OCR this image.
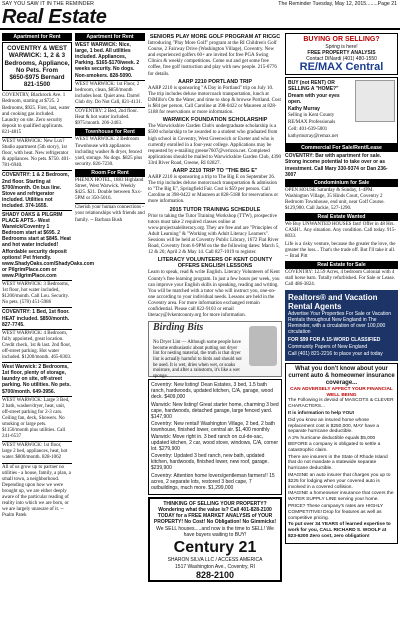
SAY YOU SAW IT IN THE REMINDER	The Reminder Tuesday, May 12, 2015........Page 21
Real Estate
Apartment for Rent
COVENTRY & WEST WARWICK: 1, 2 & 3 Bedrooms, Appliance, No Pets. From $650-$975 Bernard 821-1500

COVENTRY, Blackrock Ave. 1 Bedroom, starting at $725. 2 Bedrooms, $925. First, last, water and cooking gas included. Laundry on site. Zero security deposit to qualified applicants. 821-4815

WEST WARWICK: New Lux? Studio apartment (5th story), 1st floor, with heat. New refrigerator & appliances. No pets. $750. 401-781-6940.

COVENTRY: 1 & 2 Bedroom, 2nd floor. Starting at $700/month. On bus line. Stove and refrigerator included. Utilities not included. 374-1655.

SHADY OAKS & PILGRIM PLACE APTS.- West Warwick/Coventry 1 Bedroom start at $695. 2 Bedrooms start at $845. Heat and hot water included! Affordable security deposit options! Pet friendly. www.ShadyOaks.com/ShadyOaks.com or PilgrimPlace.com or www.PilgrimPlace.com

WEST WARWICK: 3 Bedrooms, 1st floor, hot water included, $1200/month. Call Lou. Security. No pets. (570) 451-5986

COVENTRY: 1 Bed, 1st floor. HEAT included. $850/month. 827-7745.

WEST WARWICK: 4 Bedroom, fully appointed, great location. Credit check, 1st & last. 2nd floor, off-street parking. Hot water included. $1200/month. 465-8303.

West Warwick: 2 Bedrooms, 1st floor, plenty of storage, laundry on site, off-street parking. No utilities. No pets. $700/month. 649-3956.

WEST WARWICK: Large 3 Bed, 2 bath, washer/dryer, heat, unit, off-street parking for 2-3 cars. Ceiling fan, deck, Showers. No smoking or large pets. $1150/month plus utilities. Call 241-6537

WEST WARWICK: 1st floor, large 2 bed, appliances, heat, hot water. $800/month. 828-1062

All of us grow up to partner no utilities - a house, family, a plan, a small town, a neighborhood. Depending upon how we were brought up, we are either deeply aware of the particular reading of reality into which we are born, or we are largely unaware of it. -- Psalm Patek

Apartment for Rent

WEST WARWICK: Nice, large, 1 bed. All utilities included. Appliances, Parking. $165-$170/week. 2 weeks security. No dogs. Non-smokers. 828-5090.

WEST WARWICK: 1st Floor, 2 bedroom, clean, $850/month includes heat. Quiet area. Darrel Club dry. Do Not Call, 821-4131.

COVENTRY: 2 Bed, 2nd floor. Heat & hot water included. $975/month. 206-2403.

Townhouse for Rent

WEST WARWICK: 2 Bedroom Townhouse with appliances including washer & dryer, fenced yard, storage. No dogs. $825 plus security. 826-7230.

Room For Rent

PHENIX HOTEL, 1883 Highland Street, West Warwick. Weekly $425. $21. Double between Xxx-5PM or 350-5016.

Cherish your human connections - your relationships with friends and family. -- Barbara Bush

SENIORS PLAY MORE GOLF PROGRAM AT RICGC

Introducing "Play More Golf" program at the RI Children's Golf Course, 2 Fairway Drive (Washington Village), Coventry. New and experienced golfers 60+ are invited for free PGA Swing Clinics & weekly competitions. Come out and get some free coffee, free golf instruction and play with new people. 215-0776 for details.

AARP 2210 PORTLAND TRIP

AARP 2210 is sponsoring "A Day in Portland" trip on July 10. The trip includes deluxe motorcoach transportation, lunch at DiMillo's On the Water, and time to shop & browse Portland. Cost is $84 per person. Call Caroline at 398-0422 or Maureen at 828-5188 for reservations or more information.

WARWICK FOUNDATION SCHOLARSHIP

The Warwickshire Garden Club's undergraduate scholarship is a $500 scholarship to be awarded to a student who graduated from high school in Coventry, West Greenwich or Exeter and who is currently enrolled in a four-year college. Applications may be requested by e-mailing greene7607@verizon.net. Completed applications should be mailed to Warwickshire Garden Club, 4390 33rd River Road, Greene, RI 02827.

AARP 2210 TRIP TO "THE BIG E"

AARP 2210 is sponsoring a trip to The Big E on September 26. The trip includes deluxe motorcoach transportation & admission to "The Big E", Springfield Fair. Cost is $59 per person. Call Caroline at 398-0422 or Maureen at 828-5188 for reservations or more information.

2015 TUTOR TRAINING SCHEDULE

Prior to taking the Tutor Training Workshop (TTW), prospective tutors must take 2 required classes online at www.projectsaleliteracy.org. They are free and are "Principles of Adult Learning" & "Working with Adult Literacy Learners". Sessions will be held at Coventry Public Library, 1672 Flat River Road, Coventry from 6-9PM on the the following dates: March 5, 12 & 26; April 2 & May 14. Call 827-1019 to register.

LITERACY VOLUNTEERS OF KENT COUNTY OFFERS ENGLISH LESSONS

Learn to speak, read & write English. Literacy Volunteers of Kent County's free learning program. In just a few hours per week, you can improve your English skills in speaking, reading and writing. You will be matched with a tutor who will instruct you, one-on-one according to your individual needs. Lessons are held in the Coventry area. For more information exchanged remain confidential. Please call 822-9103 or email literacy@lvkentcounty.org for more information.

Birding Bits
No Dryer Lint — Although some people have become enthusiastic about putting out dryer lint for nesting material, the truth is that dryer lint is actually harmful to birds and should not be used. It is wet, dries when wet, or soaks moisture, and after a rainstorm, it's like a wet sponge.

Coventry: New listing! Dean Estates, 3 bed, 1.5 bath ranch, hardwoods, updated kitchen, C/A, garage, wood deck. $409,000

Warwick: New listing! Great starter home, charming 3 bed cape, hardwoods, detached garage, large fenced yard. $147,900

Coventry: New rental! Washington Village, 2 bed, 2 bath townhouse, finished lower, central air. $1,400 monthly

Warwick: Move right in. 3 bed ranch on cul-de-sac, updated kitchen, 2 car, wood stove, windows, C/A, corner lot. $279,900

Coventry: Updated 3 bed ranch, new bath, updated kitchen, hardwoods, finished lower, new roof, garage. $239,900

Coventry: Attention home lovers/gentleman farmers!! 15 acres, 2 separate lots, restored 3 bed cape, 7 outbuildings, much more. $1,299,000

THINKING OF SELLING YOUR PROPERTY? Wondering what the value is? Call 401-828-2100 TODAY for a FREE MARKET ANALYSIS of YOUR PROPERTY! No Cost! No Obligation! No Gimmicks!

We SELL houses.....and now is the time to SELL! We have buyers waiting to BUY!

Century 21

SHARON SILVA LLC / ACCESS AMERICA

1517 Washington Ave., Coventry, RI

828-2100
BUYING OR SELLING?
Spring is here!
FREE PROPERTY ANALYSIS
Contact DiNardi (401) 480-1550
RE/MAX Central

BUY (not RENT) OR SELLING A "HOME?" Dream with your eyes open.

Kathy Murray

Selling in Kent County

RE/MAX Professionals

Cell: 401-639-5001

kathymurray@remax.net

Commercial For Sale/Rent/Lease

COVENTRY: Bar with apartment for sale. Strong income potential to take over or as investment. Call Mary 330-9374 or Dan 236-3007

Condominium for Sale

OPEN HOUSE Saturday & Sunday, 1-4PM. Washington Village, 35 Hinds Court, Coventry 2 Bedroom Townhouse, end unit, near Golf Course. $129,900. Call Jackie, 527-1290.

Real Estate Wanted

We Buy UNWANTED HOUSES fast! Offer in 48 Hrs. CASH!.. Any situation. Any condition. Call today. 915-8033.

Life is a risky venture, because the greater the love, the greater the loss... That's the trade off. But I'll take it all. -- Brad Pitt

Real Estate for Sale

COVENTRY: 12.59 Acres, 4 bedroom Colonial with 4 stall horse barn. Totally refurbished. For Sale or Lease. Call 486-3824.

Realtors® and Vacation Rental Agents

Advertise Your Properties For Sale or Vacation Rentals throughout New England in The Reminder, with a circulation of over 100,000 circulation

FOR $99 FOR A 15-WORD CLASSIFIED

Community Papers of New England

Call (401) 821-2216 to place your ad today

What you don't know about your current auto & homeowner insurance coverage...
CAN ADVERSELY AFFECT YOUR FINANCIAL WELL BEING

The Following is devoid of MASCOTS & CLEVER CHARACTERS...

It is information to help YOU!

Did you know an insured home whose replacement cost is $250,000, MAY have a separate hurricane deductible.

A 2% hurricane deductible equals $5,000 BEFORE a company is obligated to settle a catastrophic claim.

There are insurers in the State of Rhode Island that do not mandate a statewide separate hurricane deductible.

IMAGINE an auto insurer that charges you up to $225 for lodging when your covered auto is involved in a covered collision.

IMAGINE a homeowner insurance that covers the WATER SUPPLY LINE serving your home.

PRICE? These company's rates are HIGHLY COMPETITIVE! Drop for features as well as competitive pricing.

To put over 34 YEARS of learned expertise to work for you, CALL RICHARD S. WOOLF at 823-6200 Zero cost, zero obligation!
